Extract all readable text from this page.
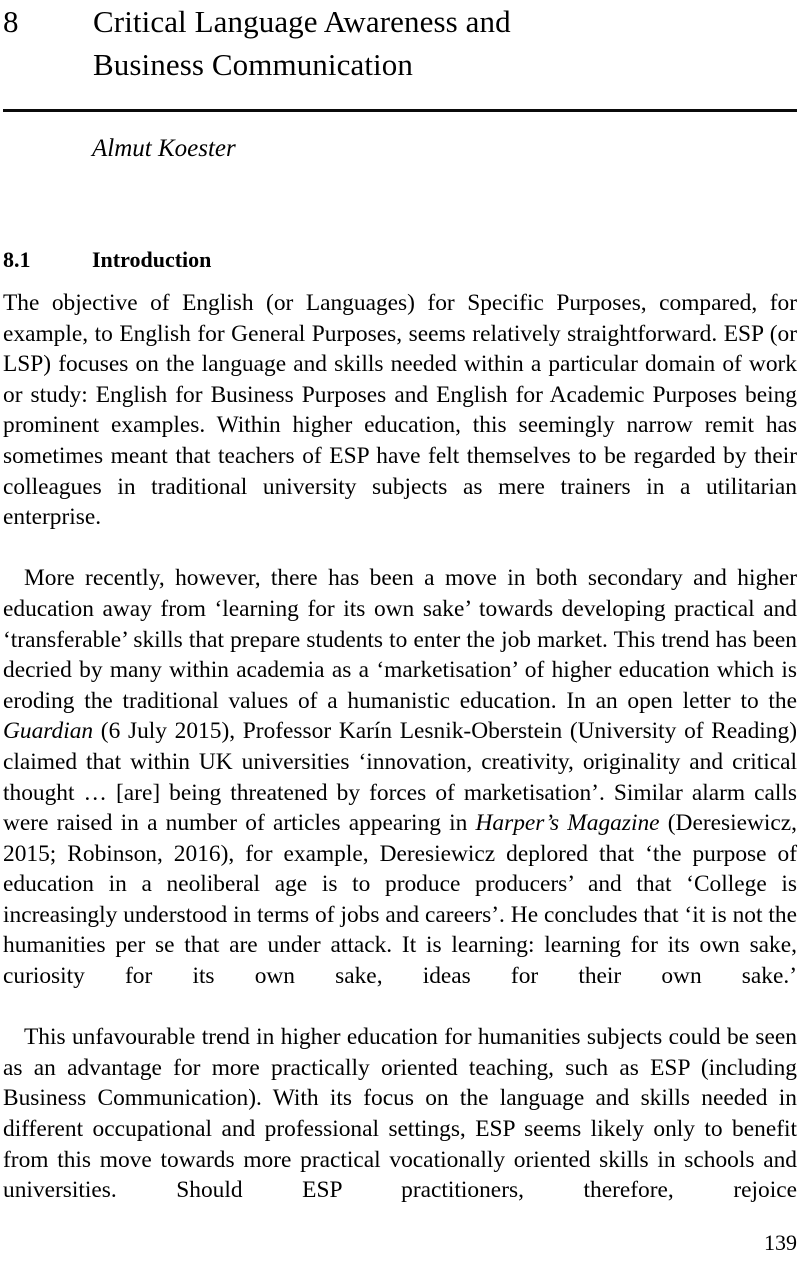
8	Critical Language Awareness and
Business Communication
Almut Koester
8.1	Introduction

The objective of English (or Languages) for Specific Purposes, compared, for example, to English for General Purposes, seems relatively straightforward. ESP (or LSP) focuses on the language and skills needed within a particular domain of work or study: English for Business Purposes and English for Academic Purposes being prominent examples. Within higher education, this seemingly narrow remit has sometimes meant that teachers of ESP have felt themselves to be regarded by their colleagues in traditional university subjects as mere trainers in a utilitarian enterprise.

More recently, however, there has been a move in both secondary and higher education away from ‘learning for its own sake’ towards developing practical and ‘transferable’ skills that prepare students to enter the job market. This trend has been decried by many within academia as a ‘marketisation’ of higher education which is eroding the traditional values of a humanistic education. In an open letter to the Guardian (6 July 2015), Professor Karín Lesnik-Oberstein (University of Reading) claimed that within UK universities ‘innovation, creativity, originality and critical thought … [are] being threatened by forces of marketisation’. Similar alarm calls were raised in a number of articles appearing in Harper’s Magazine (Deresiewicz, 2015; Robinson, 2016), for example, Deresiewicz deplored that ‘the purpose of education in a neoliberal age is to produce producers’ and that ‘College is increasingly understood in terms of jobs and careers’. He concludes that ‘it is not the humanities per se that are under attack. It is learning: learning for its own sake, curiosity for its own sake, ideas for their own sake.’

This unfavourable trend in higher education for humanities subjects could be seen as an advantage for more practically oriented teaching, such as ESP (including Business Communication). With its focus on the language and skills needed in different occupational and professional settings, ESP seems likely only to benefit from this move towards more practical vocationally oriented skills in schools and universities. Should ESP practitioners, therefore, rejoice

139
